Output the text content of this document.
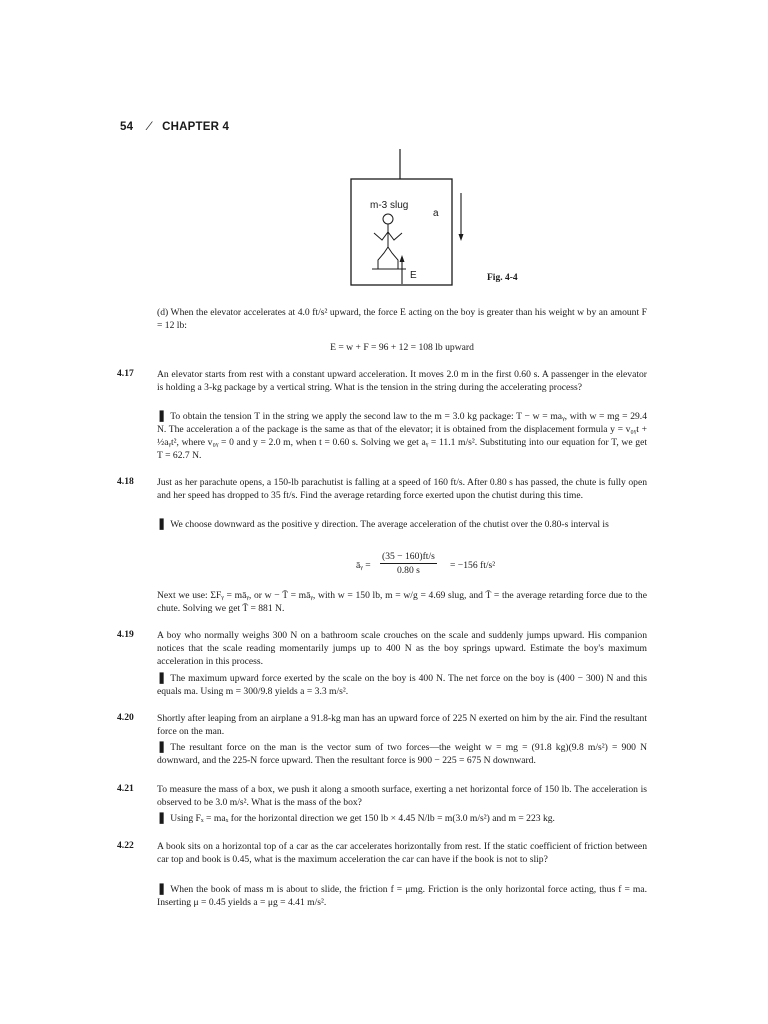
54 ⁄ CHAPTER 4
m-3 slug
E
a
Fig. 4-4
(d) When the elevator accelerates at 4.0 ft/s² upward, the force E acting on the boy is greater than his weight w by an amount F = 12 lb:
E = w + F = 96 + 12 = 108 lb upward
4.17 An elevator starts from rest with a constant upward acceleration. It moves 2.0 m in the first 0.60 s. A passenger in the elevator is holding a 3-kg package by a vertical string. What is the tension in the string during the accelerating process?
❚ To obtain the tension T in the string we apply the second law to the m = 3.0 kg package: T − w = maᵧ, with w = mg = 29.4 N. The acceleration a of the package is the same as that of the elevator; it is obtained from the displacement formula y = v₀ᵧt + ½aᵧt², where v₀ᵧ = 0 and y = 2.0 m, when t = 0.60 s. Solving we get aᵧ = 11.1 m/s². Substituting into our equation for T, we get T = 62.7 N.
4.18 Just as her parachute opens, a 150-lb parachutist is falling at a speed of 160 ft/s. After 0.80 s has passed, the chute is fully open and her speed has dropped to 35 ft/s. Find the average retarding force exerted upon the chutist during this time.
❚ We choose downward as the positive y direction. The average acceleration of the chutist over the 0.80-s interval is
āᵧ = $\frac{(35 - 160)ft/s}{0.80 s} = -156$ ft/s²
Next we use: ΣFᵧ = māᵧ, or w − T̄ = māᵧ, with w = 150 lb, m = w/g = 4.69 slug, and T̄ = the average retarding force due to the chute. Solving we get T̄ = 881 N.
4.19 A boy who normally weighs 300 N on a bathroom scale crouches on the scale and suddenly jumps upward. His companion notices that the scale reading momentarily jumps up to 400 N as the boy springs upward. Estimate the boy's maximum acceleration in this process.
❚ The maximum upward force exerted by the scale on the boy is 400 N. The net force on the boy is (400 − 300) N and this equals ma. Using m = 300/9.8 yields a = 3.3 m/s².
4.20 Shortly after leaping from an airplane a 91.8-kg man has an upward force of 225 N exerted on him by the air. Find the resultant force on the man.
❚ The resultant force on the man is the vector sum of two forces—the weight w = mg = (91.8 kg)(9.8 m/s²) = 900 N downward, and the 225-N force upward. Then the resultant force is 900 − 225 = 675 N downward.
4.21 To measure the mass of a box, we push it along a smooth surface, exerting a net horizontal force of 150 lb. The acceleration is observed to be 3.0 m/s². What is the mass of the box?
❚ Using Fₓ = maₓ for the horizontal direction we get 150 lb × 4.45 N/lb = m(3.0 m/s²) and m = 223 kg.
4.22 A book sits on a horizontal top of a car as the car accelerates horizontally from rest. If the static coefficient of friction between car top and book is 0.45, what is the maximum acceleration the car can have if the book is not to slip?
❚ When the book of mass m is about to slide, the friction f = μmg. Friction is the only horizontal force acting, thus f = ma. Inserting μ = 0.45 yields a = μg = 4.41 m/s².
